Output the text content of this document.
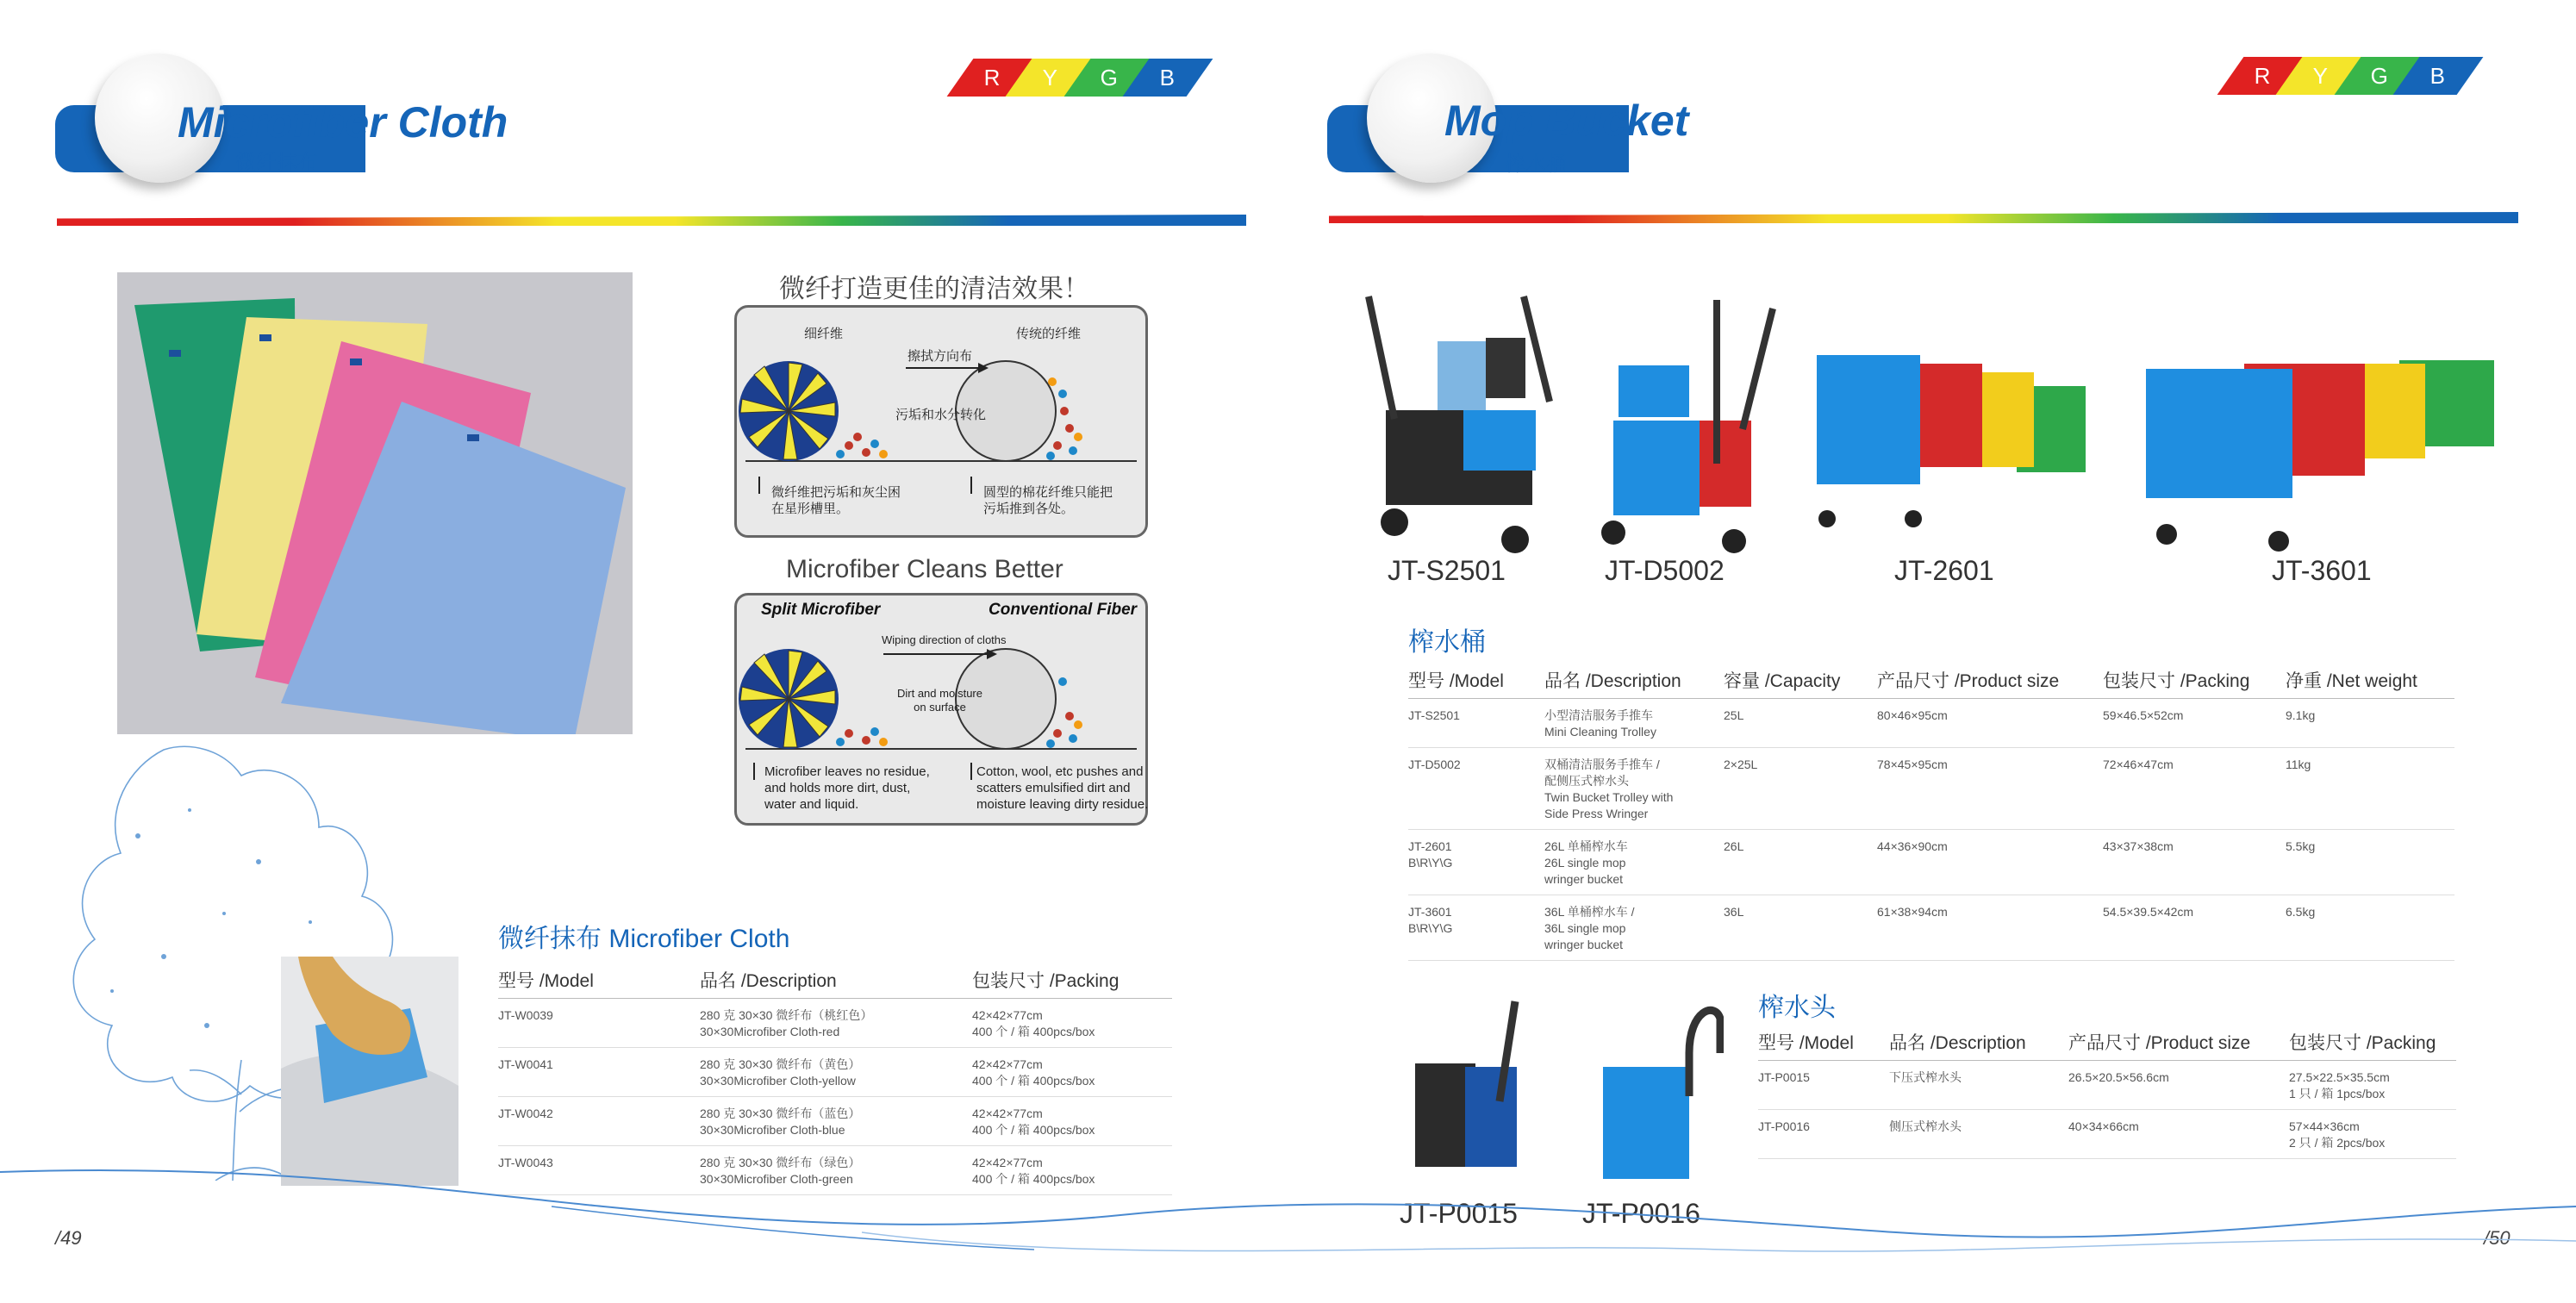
Microfiber Cloth
微纤抹布
R Y G B
微纤打造更佳的清洁效果！
细纤维	传统的纤维
擦拭方向布
污垢和水分转化
微纤维把污垢和灰尘困
在星形槽里。
圆型的棉花纤维只能把
污垢推到各处。
Microfiber Cleans Better
Split Microfiber	Conventional Fiber
Wiping direction of cloths
Dirt and moisture
on surface
Microfiber leaves no residue,
and holds more dirt, dust,
water and liquid.
Cotton, wool, etc pushes and
scatters emulsified dirt and
moisture leaving dirty residue.
微纤抹布 Microfiber Cloth
型号 /Model	品名 /Description	包装尺寸 /Packing
JT-W0039	280 克 30×30 微纤布（桃红色）
30×30Microfiber Cloth-red	42×42×77cm
400 个 / 箱 400pcs/box

JT-W0041	280 克 30×30 微纤布（黄色）
30×30Microfiber Cloth-yellow	42×42×77cm
400 个 / 箱 400pcs/box

JT-W0042	280 克 30×30 微纤布（蓝色）
30×30Microfiber Cloth-blue	42×42×77cm
400 个 / 箱 400pcs/box

JT-W0043	280 克 30×30 微纤布（绿色）
30×30Microfiber Cloth-green	42×42×77cm
400 个 / 箱 400pcs/box
/49
Mop Bucket
榨水桶
R Y G B
JT-S2501	JT-D5002	JT-2601	JT-3601
榨水桶
型号 /Model	品名 /Description	容量 /Capacity	产品尺寸 /Product size	包装尺寸 /Packing	净重 /Net weight

JT-S2501	小型清洁服务手推车
Mini Cleaning Trolley	25L	80×46×95cm	59×46.5×52cm	9.1kg

JT-D5002	双桶清洁服务手推车 /
配侧压式榨水头
Twin Bucket Trolley with
Side Press Wringer	2×25L	78×45×95cm	72×46×47cm	11kg

JT-2601
B\R\Y\G	26L 单桶榨水车
26L single mop
wringer bucket	26L	44×36×90cm	43×37×38cm	5.5kg

JT-3601
B\R\Y\G	36L 单桶榨水车 /
36L single mop
wringer bucket	36L	61×38×94cm	54.5×39.5×42cm	6.5kg
JT-P0015 JT-P0016
榨水头
型号 /Model	品名 /Description	产品尺寸 /Product size	包装尺寸 /Packing
JT-P0015	下压式榨水头	26.5×20.5×56.6cm	27.5×22.5×35.5cm
1 只 / 箱 1pcs/box

JT-P0016	侧压式榨水头	40×34×66cm	57×44×36cm
2 只 / 箱 2pcs/box
/50
